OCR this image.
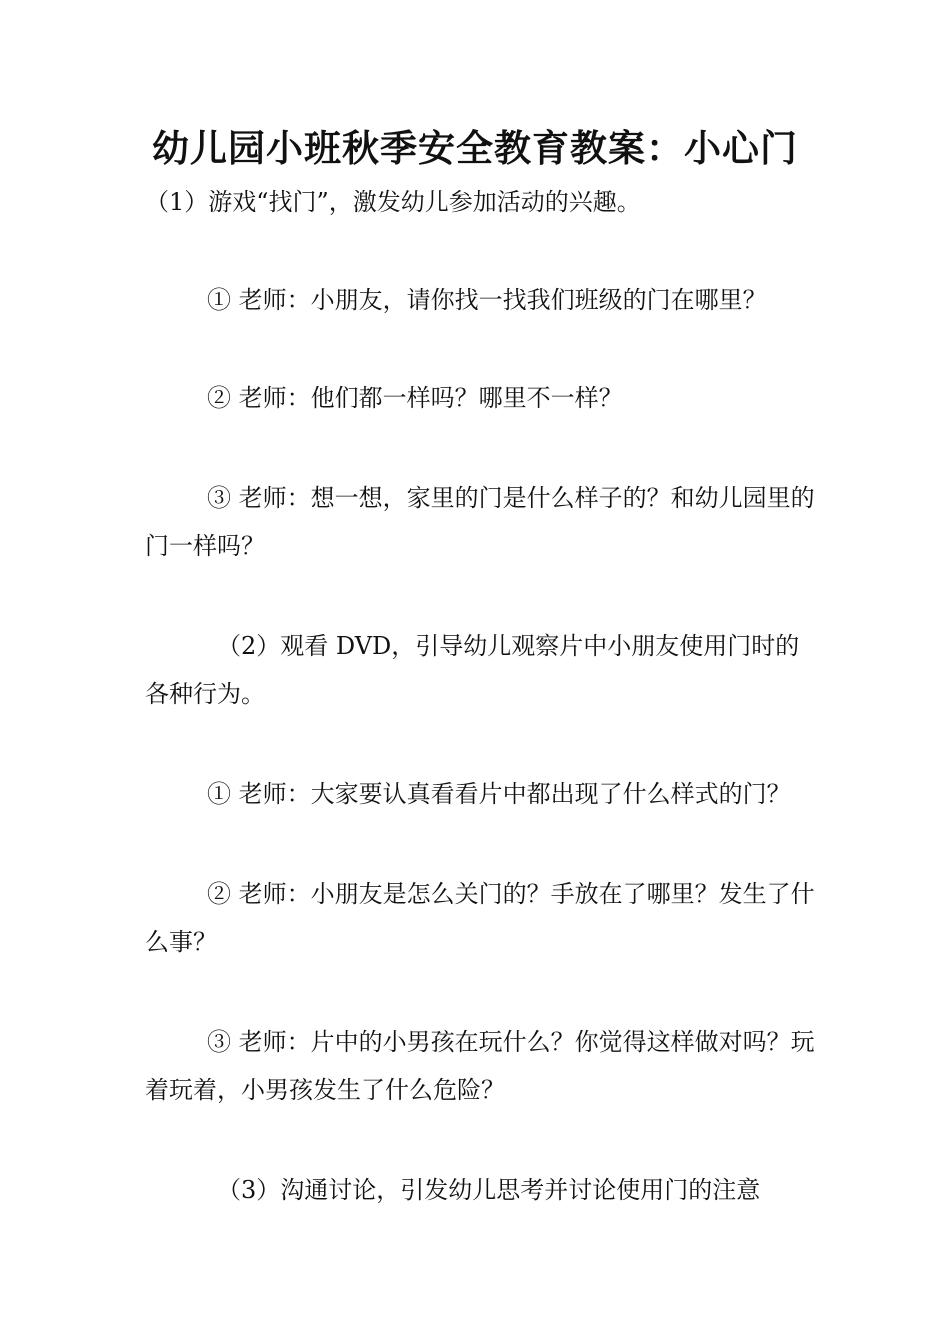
幼儿园小班秋季安全教育教案：小心门

（1）游戏“找门”，激发幼儿参加活动的兴趣。

① 老师：小朋友，请你找一找我们班级的门在哪里？

② 老师：他们都一样吗？哪里不一样？

③ 老师：想一想，家里的门是什么样子的？和幼儿园里的门一样吗？

（2）观看 DVD，引导幼儿观察片中小朋友使用门时的各种行为。

① 老师：大家要认真看看片中都出现了什么样式的门？

② 老师：小朋友是怎么关门的？手放在了哪里？发生了什么事？

③ 老师：片中的小男孩在玩什么？你觉得这样做对吗？玩着玩着，小男孩发生了什么危险？

（3）沟通讨论，引发幼儿思考并讨论使用门的注意
